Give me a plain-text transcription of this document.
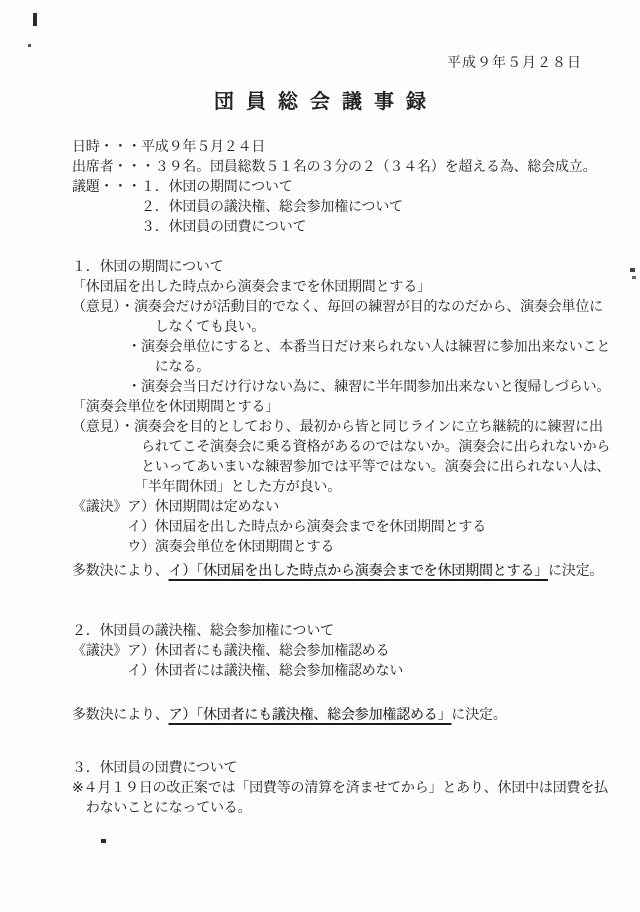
平成９年５月２８日
団員総会議事録
日時・・・平成９年５月２４日
出席者・・・３９名。団員総数５１名の３分の２（３４名）を超える為、総会成立。
議題・・・１．休団の期間について
　　　　　２．休団員の議決権、総会参加権について
　　　　　３．休団員の団費について
１．休団の期間について
「休団届を出した時点から演奏会までを休団期間とする」
（意見）・演奏会だけが活動目的でなく、毎回の練習が目的なのだから、演奏会単位に
　　　　　　しなくても良い。
　　　　・演奏会単位にすると、本番当日だけ来られない人は練習に参加出来ないこと
　　　　　　になる。
　　　　・演奏会当日だけ行けない為に、練習に半年間参加出来ないと復帰しづらい。
「演奏会単位を休団期間とする」
（意見）・演奏会を目的としており、最初から皆と同じラインに立ち継続的に練習に出
　　　　　られてこそ演奏会に乗る資格があるのではないか。演奏会に出られないから
　　　　　といってあいまいな練習参加では平等ではない。演奏会に出られない人は、
　　　　　「半年間休団」とした方が良い。
《議決》ア）休団期間は定めない
　　　　イ）休団届を出した時点から演奏会までを休団期間とする
　　　　ウ）演奏会単位を休団期間とする
多数決により、イ）「休団届を出した時点から演奏会までを休団期間とする」に決定。
２．休団員の議決権、総会参加権について
《議決》ア）休団者にも議決権、総会参加権認める
　　　　イ）休団者には議決権、総会参加権認めない
多数決により、ア）「休団者にも議決権、総会参加権認める」に決定。
３．休団員の団費について
※４月１９日の改正案では「団費等の清算を済ませてから」とあり、休団中は団費を払
　わないことになっている。
